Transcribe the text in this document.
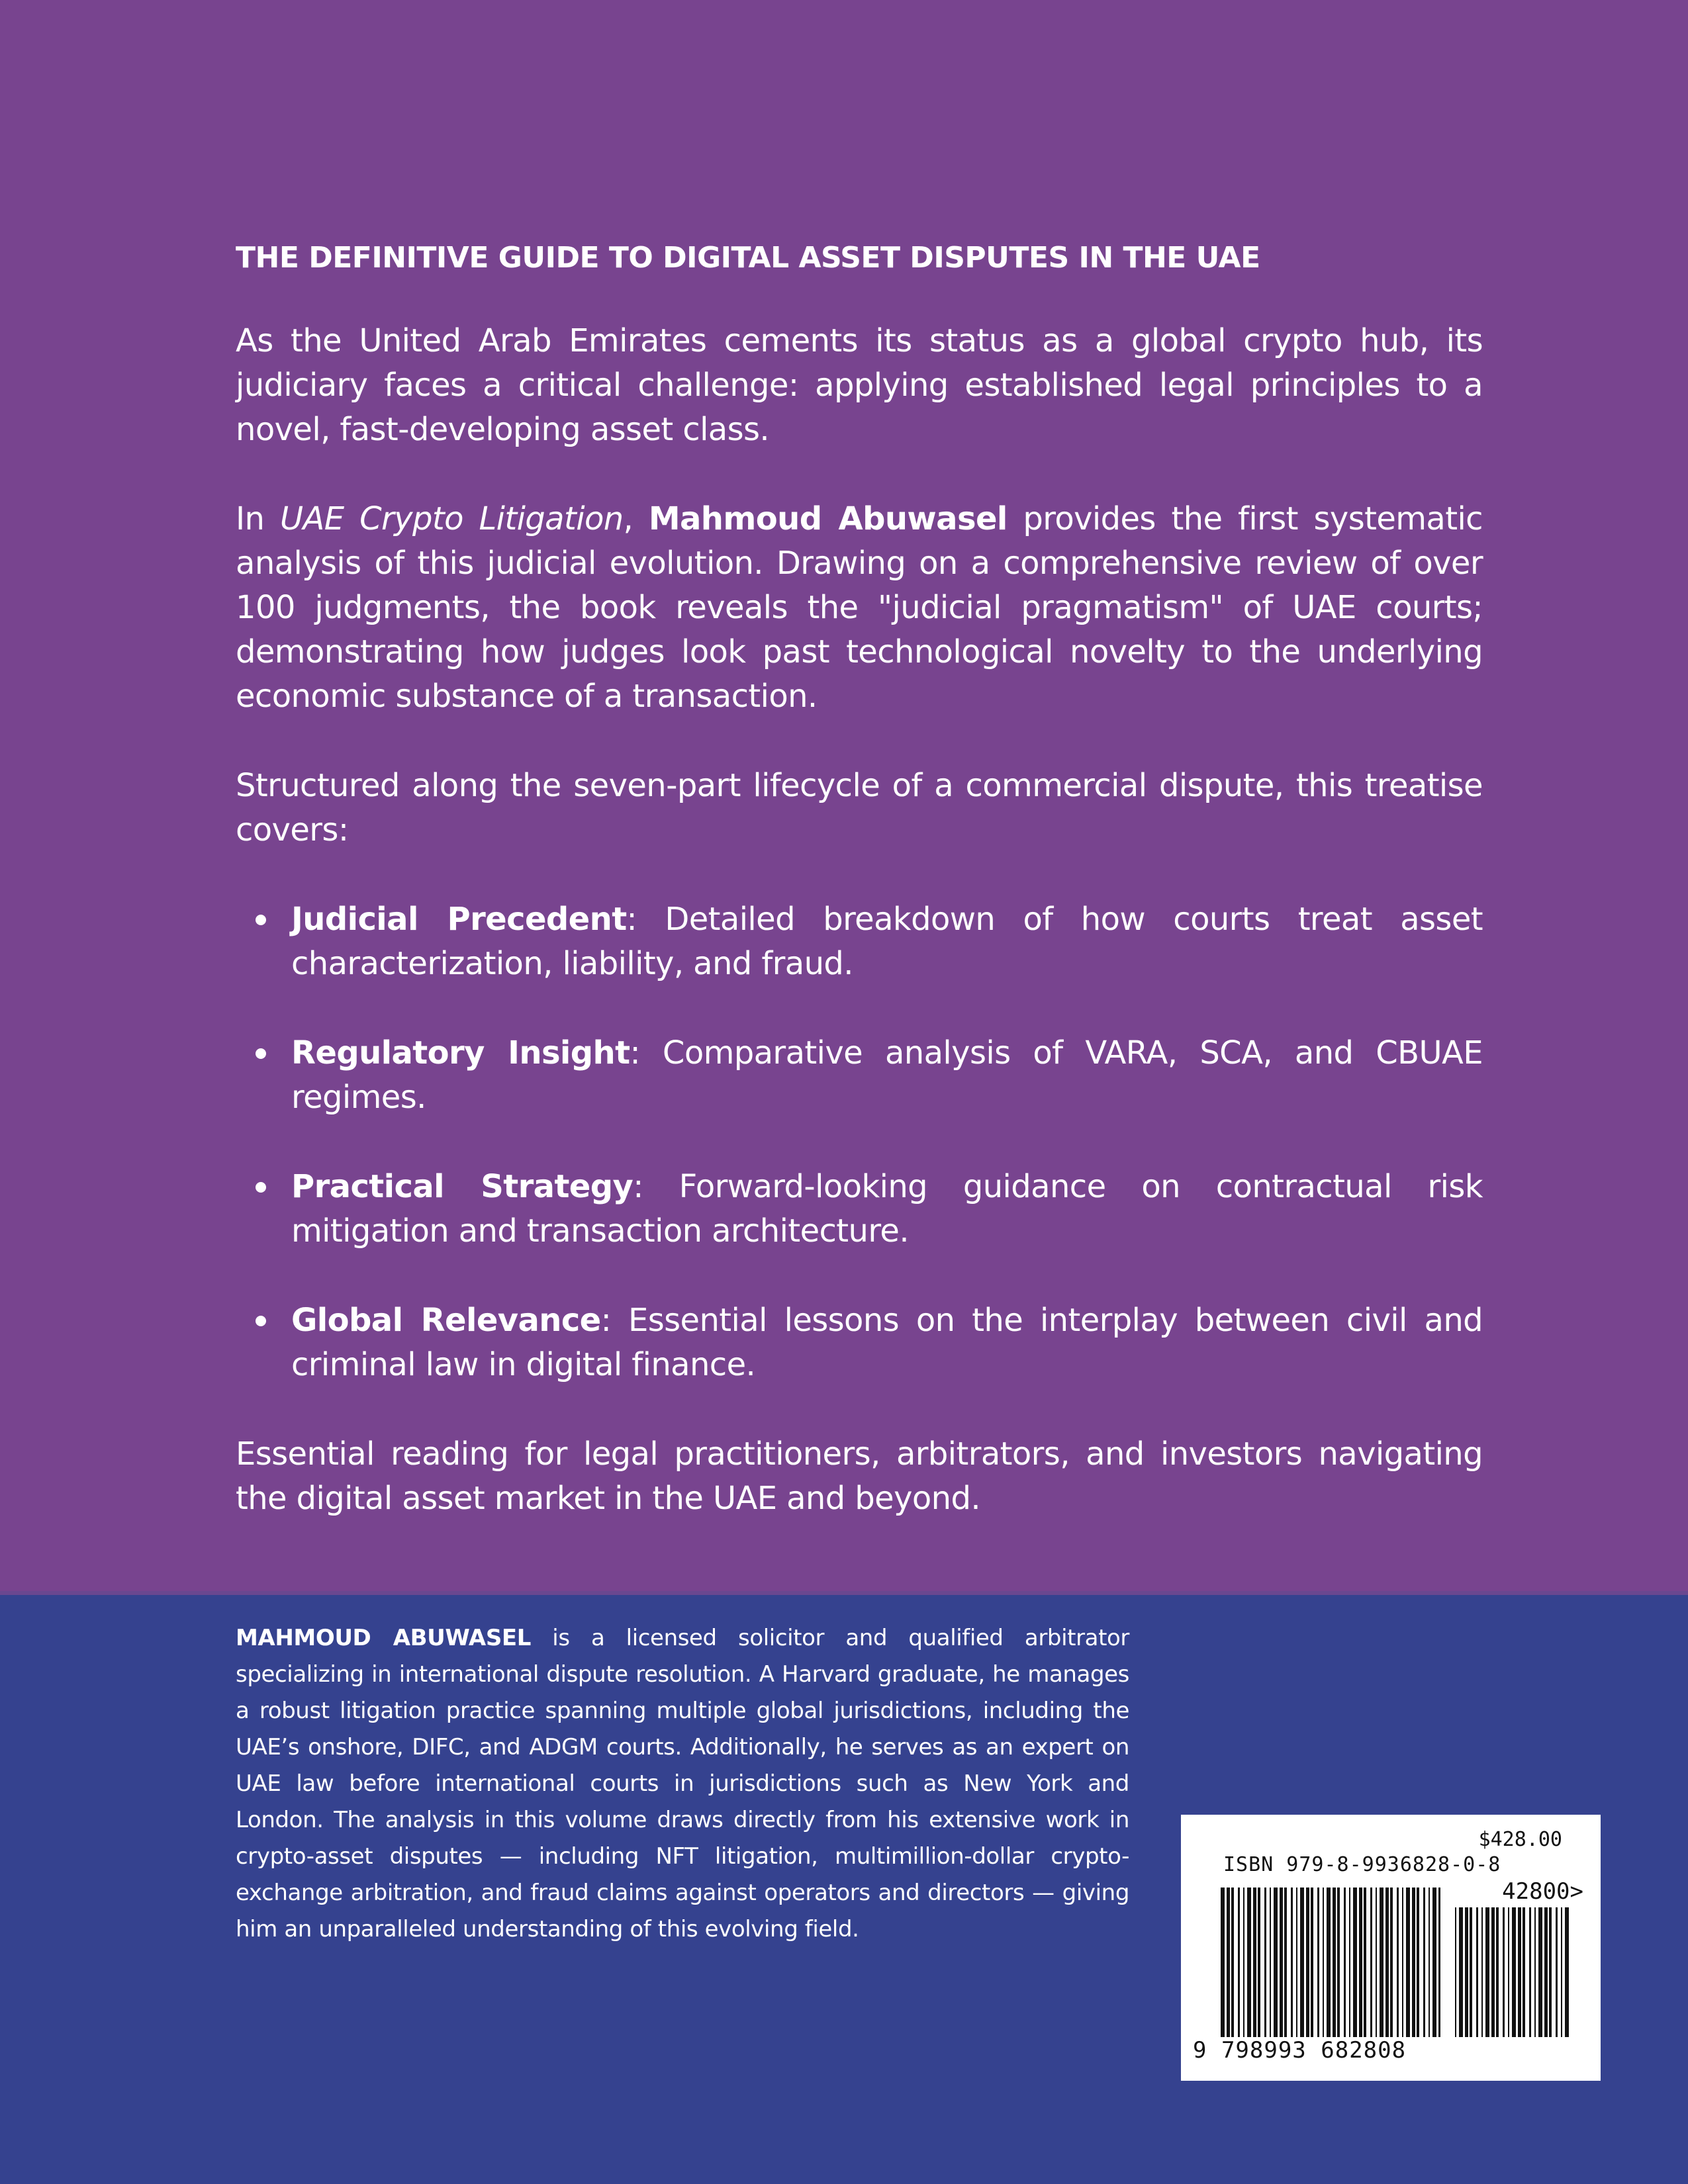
THE DEFINITIVE GUIDE TO DIGITAL ASSET DISPUTES IN THE UAE

As the United Arab Emirates cements its status as a global crypto hub, its judiciary faces a critical challenge: applying established legal principles to a novel, fast-developing asset class.

In UAE Crypto Litigation, Mahmoud Abuwasel provides the first systematic analysis of this judicial evolution. Drawing on a comprehensive review of over 100 judgments, the book reveals the "judicial pragmatism" of UAE courts; demonstrating how judges look past technological novelty to the underlying economic substance of a transaction.

Structured along the seven-part lifecycle of a commercial dispute, this treatise covers:

Judicial Precedent: Detailed breakdown of how courts treat asset characterization, liability, and fraud.
Regulatory Insight: Comparative analysis of VARA, SCA, and CBUAE regimes.
Practical Strategy: Forward-looking guidance on contractual risk mitigation and transaction architecture.
Global Relevance: Essential lessons on the interplay between civil and criminal law in digital finance.

Essential reading for legal practitioners, arbitrators, and investors navigating the digital asset market in the UAE and beyond.

MAHMOUD ABUWASEL is a licensed solicitor and qualified arbitrator specializing in international dispute resolution. A Harvard graduate, he manages a robust litigation practice spanning multiple global jurisdictions, including the UAE’s onshore, DIFC, and ADGM courts. Additionally, he serves as an expert on UAE law before international courts in jurisdictions such as New York and London. The analysis in this volume draws directly from his extensive work in crypto-asset disputes — including NFT litigation, multimillion-dollar crypto-exchange arbitration, and fraud claims against operators and directors — giving him an unparalleled understanding of this evolving field.
$428.00
ISBN 979-8-9936828-0-8
42800>
9 798993 682808
